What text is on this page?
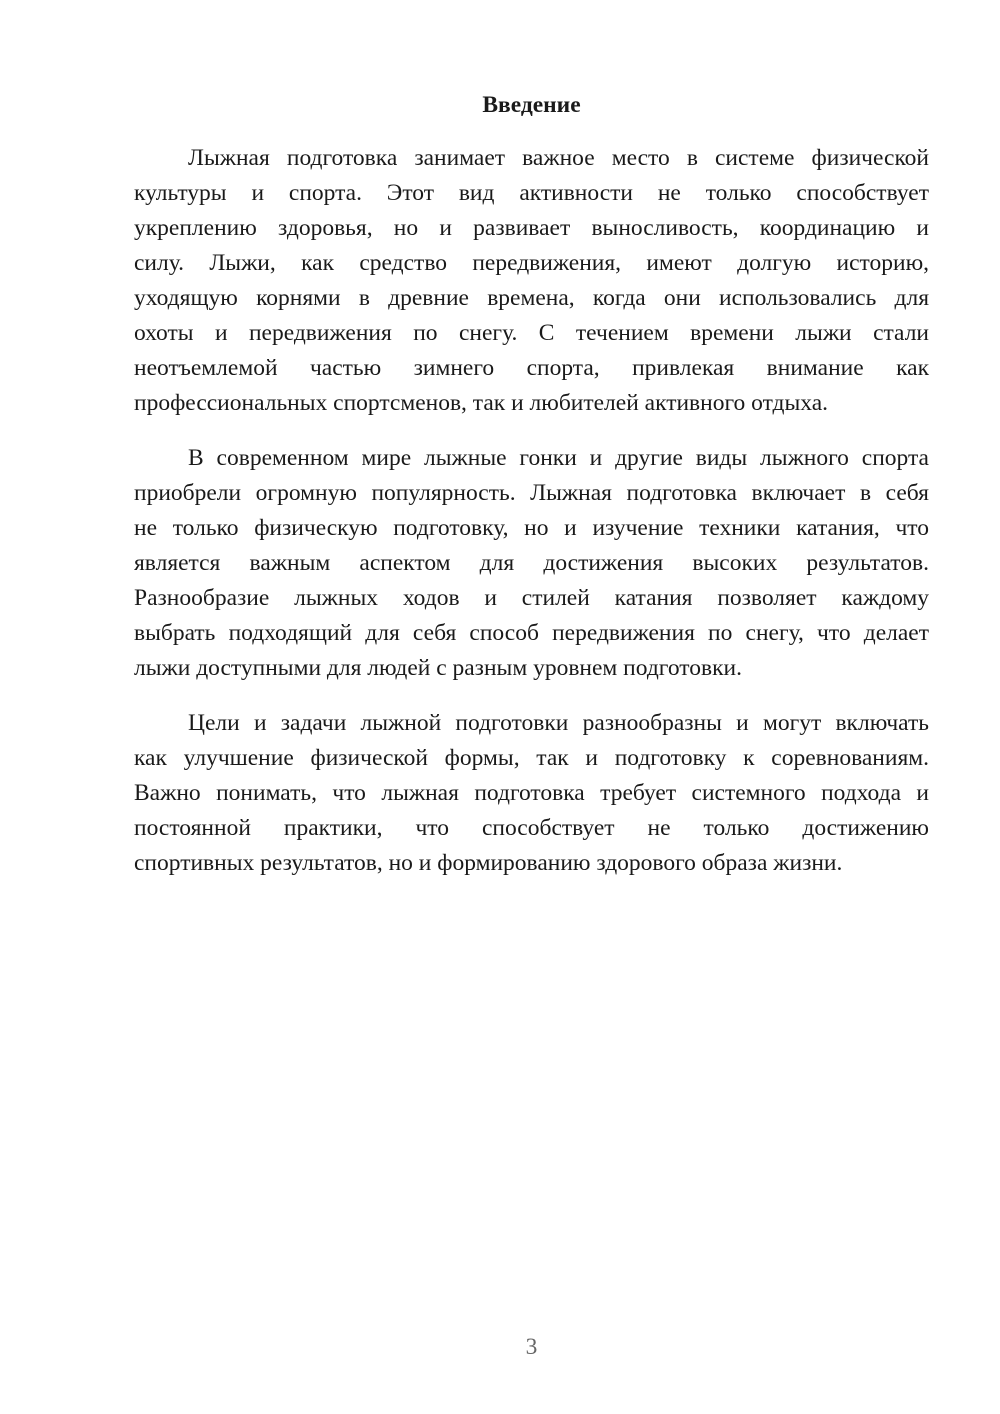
Введение
Лыжная подготовка занимает важное место в системе физической
культуры и спорта. Этот вид активности не только способствует
укреплению здоровья, но и развивает выносливость, координацию и
силу. Лыжи, как средство передвижения, имеют долгую историю,
уходящую корнями в древние времена, когда они использовались для
охоты и передвижения по снегу. С течением времени лыжи стали
неотъемлемой частью зимнего спорта, привлекая внимание как
профессиональных спортсменов, так и любителей активного отдыха.
В современном мире лыжные гонки и другие виды лыжного спорта
приобрели огромную популярность. Лыжная подготовка включает в себя
не только физическую подготовку, но и изучение техники катания, что
является важным аспектом для достижения высоких результатов.
Разнообразие лыжных ходов и стилей катания позволяет каждому
выбрать подходящий для себя способ передвижения по снегу, что делает
лыжи доступными для людей с разным уровнем подготовки.
Цели и задачи лыжной подготовки разнообразны и могут включать
как улучшение физической формы, так и подготовку к соревнованиям.
Важно понимать, что лыжная подготовка требует системного подхода и
постоянной практики, что способствует не только достижению
спортивных результатов, но и формированию здорового образа жизни.
3
